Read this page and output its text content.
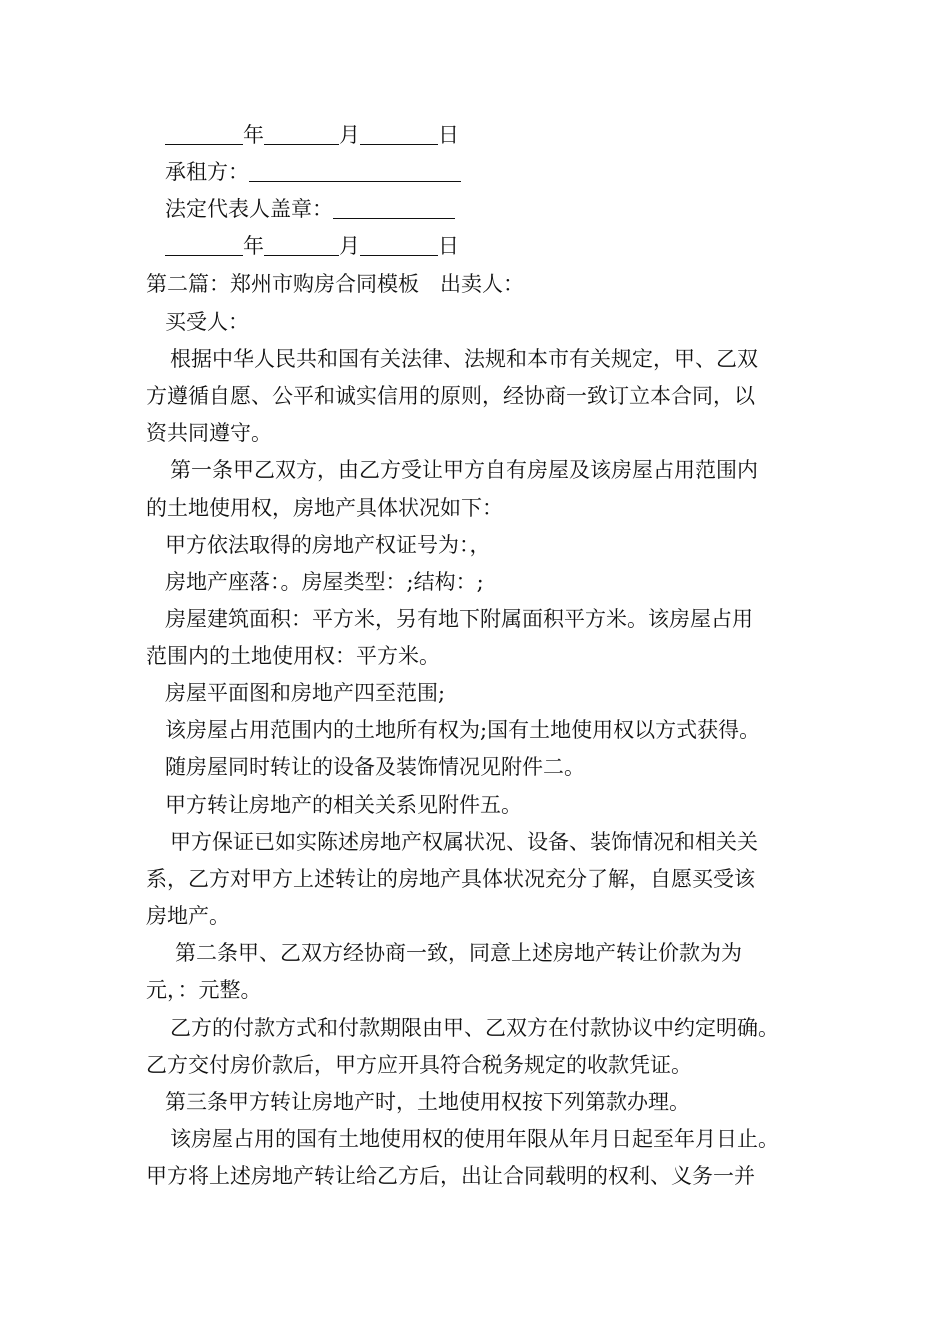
年	月	日

承租方：

法定代表人盖章：

年	月	日

第二篇：郑州市购房合同模板　出卖人：

买受人：

根据中华人民共和国有关法律、法规和本市有关规定，甲、乙双

方遵循自愿、公平和诚实信用的原则，经协商一致订立本合同，以

资共同遵守。

第一条甲乙双方，由乙方受让甲方自有房屋及该房屋占用范围内

的土地使用权，房地产具体状况如下：

甲方依法取得的房地产权证号为：，

房地产座落：。房屋类型：;结构：;

房屋建筑面积：平方米，另有地下附属面积平方米。该房屋占用

范围内的土地使用权：平方米。

房屋平面图和房地产四至范围;

该房屋占用范围内的土地所有权为;国有土地使用权以方式获得。

随房屋同时转让的设备及装饰情况见附件二。

甲方转让房地产的相关关系见附件五。

甲方保证已如实陈述房地产权属状况、设备、装饰情况和相关关

系，乙方对甲方上述转让的房地产具体状况充分了解，自愿买受该

房地产。

第二条甲、乙双方经协商一致，同意上述房地产转让价款为为

元，：元整。

乙方的付款方式和付款期限由甲、乙双方在付款协议中约定明确。

乙方交付房价款后，甲方应开具符合税务规定的收款凭证。

第三条甲方转让房地产时，土地使用权按下列第款办理。

该房屋占用的国有土地使用权的使用年限从年月日起至年月日止。

甲方将上述房地产转让给乙方后，出让合同载明的权利、义务一并
